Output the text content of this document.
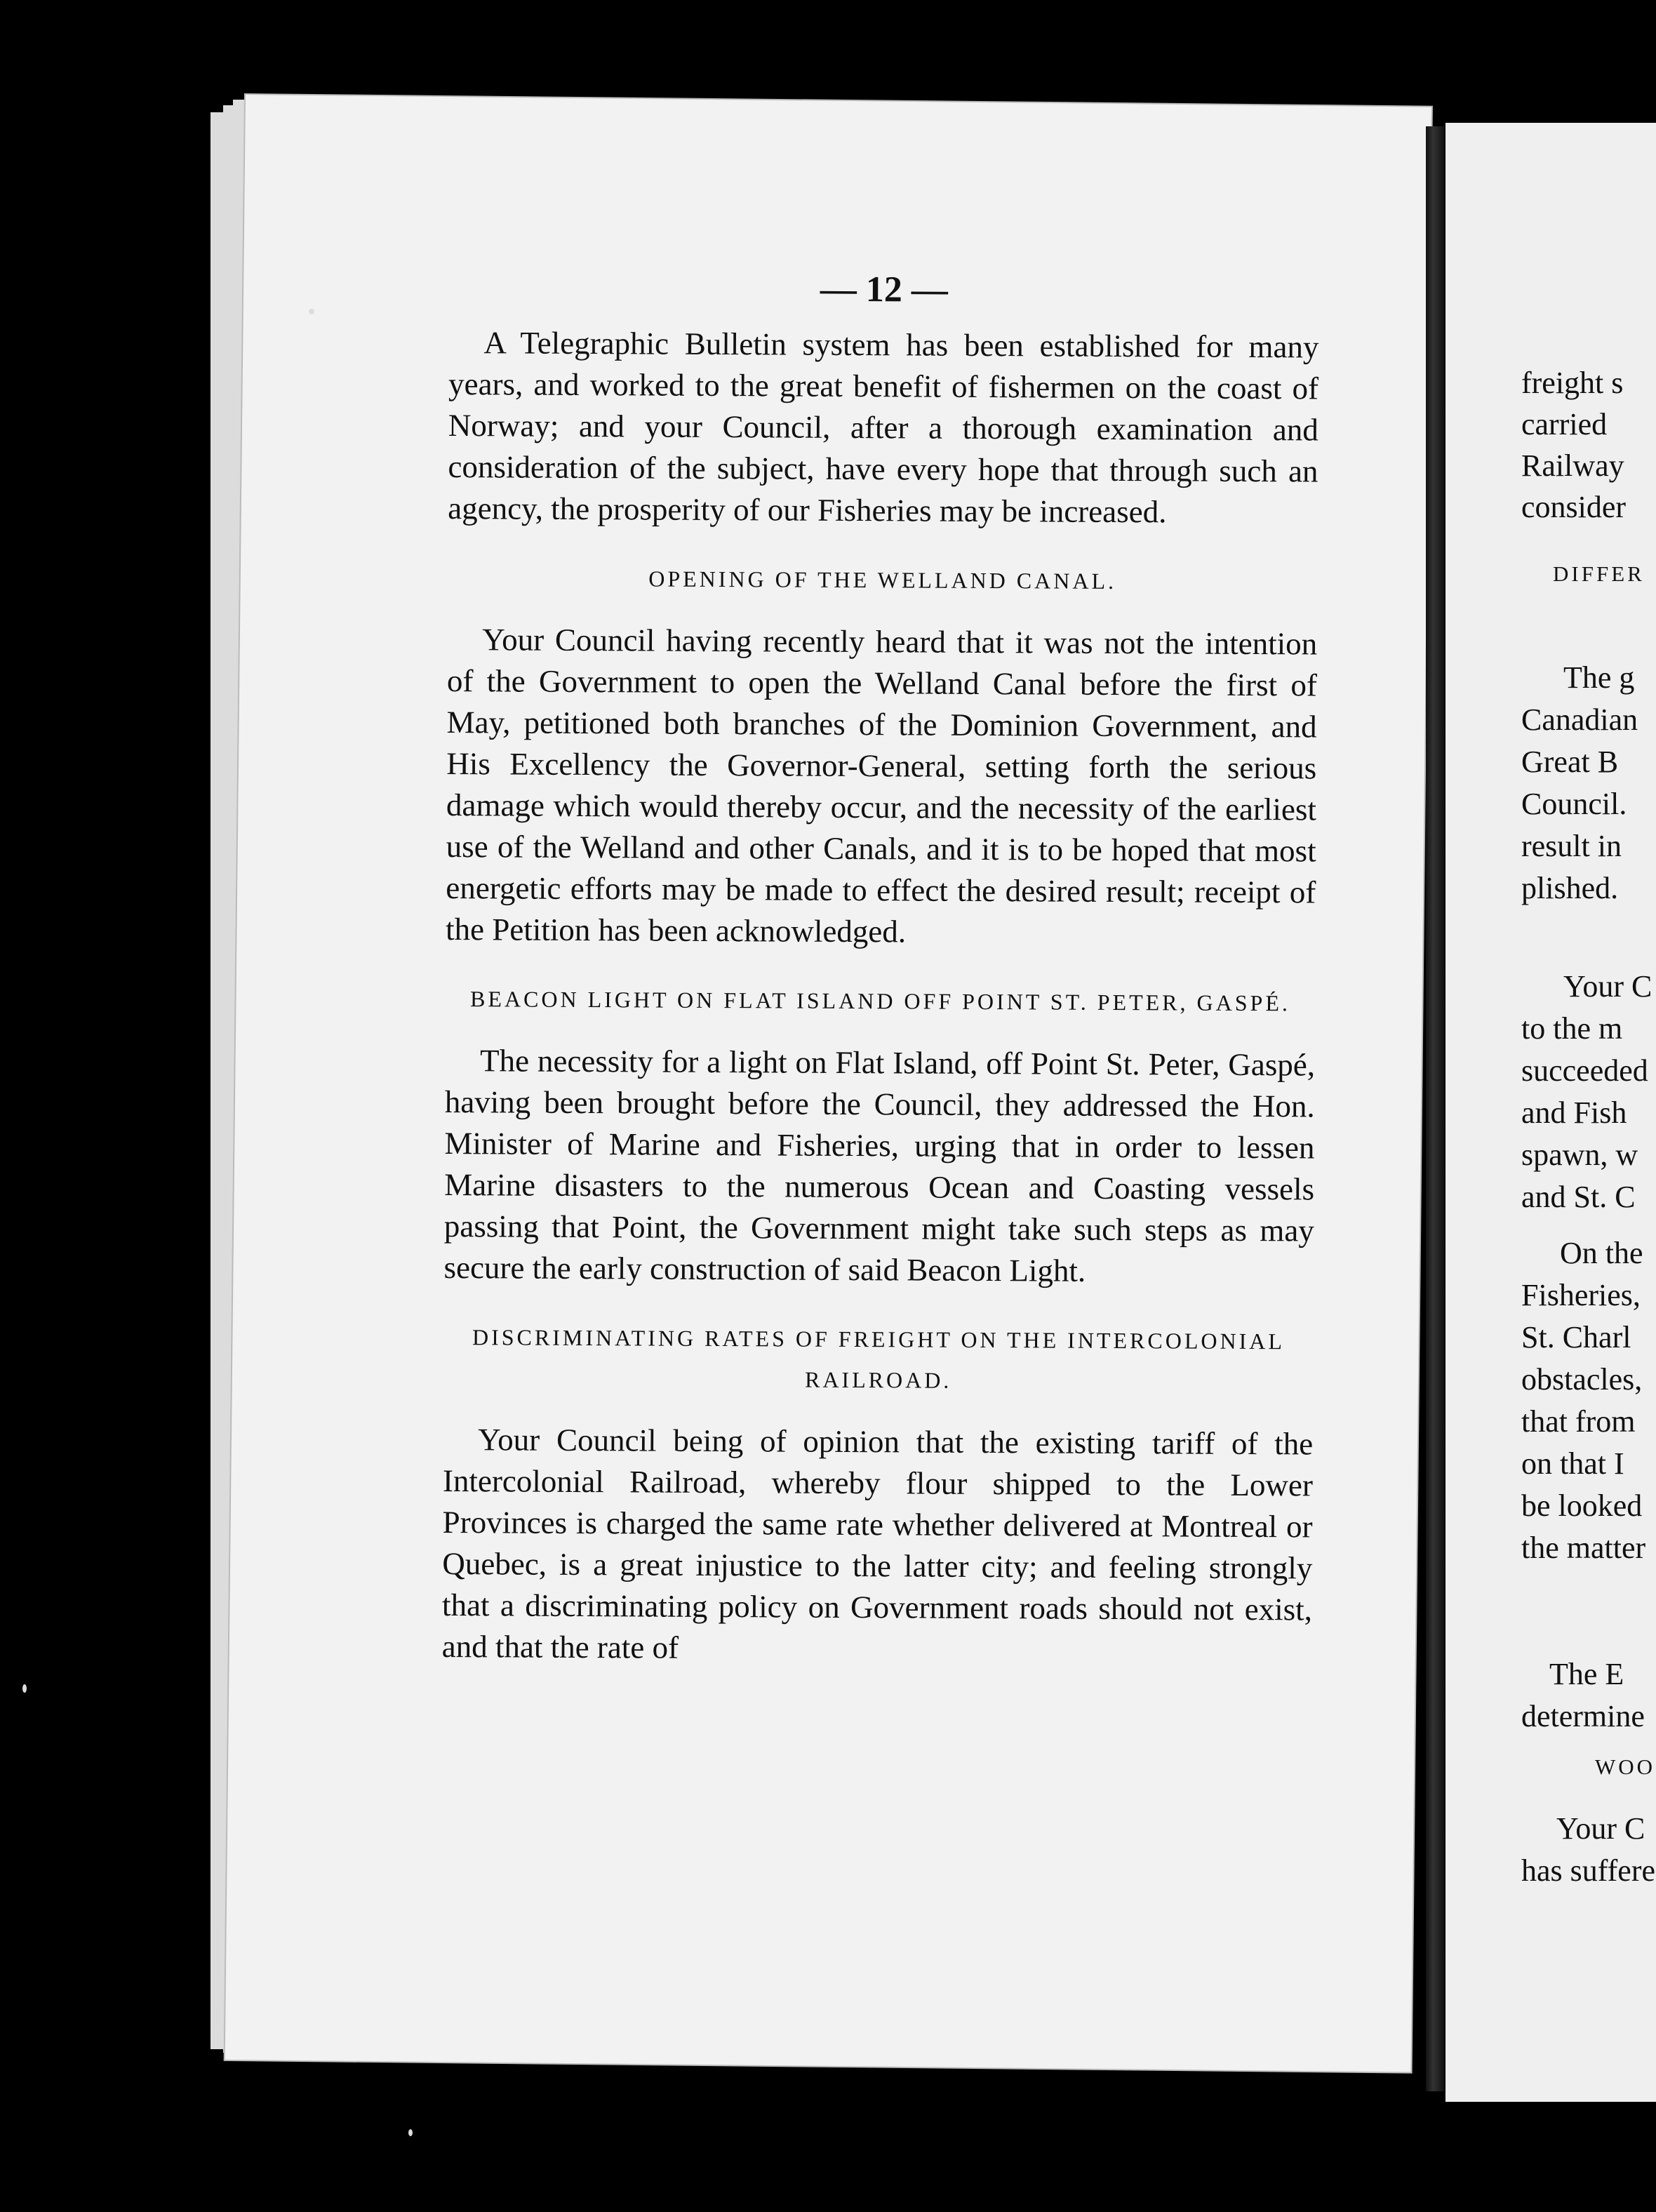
— 12 —

A Telegraphic Bulletin system has been established for many years, and worked to the great benefit of fishermen on the coast of Norway; and your Council, after a thorough examination and consideration of the subject, have every hope that through such an agency, the prosperity of our Fisheries may be increased.

OPENING OF THE WELLAND CANAL.

Your Council having recently heard that it was not the intention of the Government to open the Welland Canal before the first of May, petitioned both branches of the Dominion Government, and His Excellency the Governor-General, setting forth the serious damage which would thereby occur, and the necessity of the earliest use of the Welland and other Canals, and it is to be hoped that most energetic efforts may be made to effect the desired result; receipt of the Petition has been acknowledged.

BEACON LIGHT ON FLAT ISLAND OFF POINT ST. PETER, GASPÉ.

The necessity for a light on Flat Island, off Point St. Peter, Gaspé, having been brought before the Council, they addressed the Hon. Minister of Marine and Fisheries, urging that in order to lessen Marine disasters to the numerous Ocean and Coasting vessels passing that Point, the Government might take such steps as may secure the early construction of said Beacon Light.

DISCRIMINATING RATES OF FREIGHT ON THE INTERCOLONIAL RAILROAD.

Your Council being of opinion that the existing tariff of the Intercolonial Railroad, whereby flour shipped to the Lower Provinces is charged the same rate whether delivered at Montreal or Quebec, is a great injustice to the latter city; and feeling strongly that a discriminating policy on Government roads should not exist, and that the rate of

freight s
carried
Railway
consider
DIFFER
The g
Canadian
Great B
Council.
result in
plished.
Your C
to the m
succeeded
and Fish
spawn, w
and St. C
On the
Fisheries,
St. Charl
obstacles,
that from
on that I
be looked
the matter
The E
determine
WOO
Your C
has suffere
